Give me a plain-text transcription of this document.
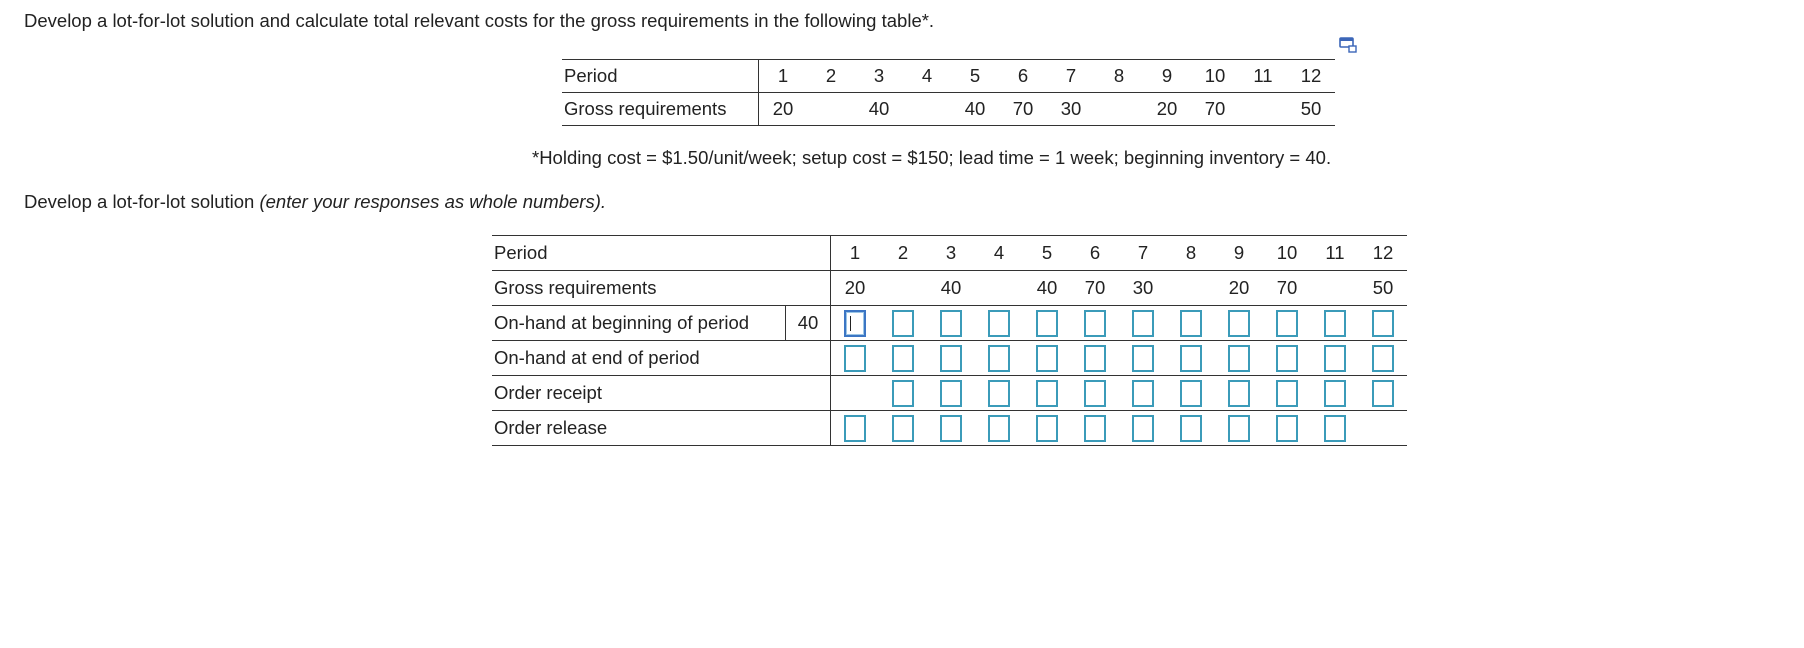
Develop a lot-for-lot solution and calculate total relevant costs for the gross requirements in the following table*.
Period	1	2	3	4	5	6	7	8	9	10	11	12
Gross requirements	20		40		40	70	30		20	70		50
*Holding cost = $1.50/unit/week; setup cost = $150; lead time = 1 week; beginning inventory = 40.
Develop a lot-for-lot solution (enter your responses as whole numbers).
Period		1	2	3	4	5	6	7	8	9	10	11	12
Gross requirements		20		40		40	70	30		20	70		50
On-hand at beginning of period	40												
On-hand at end of period													
Order receipt													
Order release													
